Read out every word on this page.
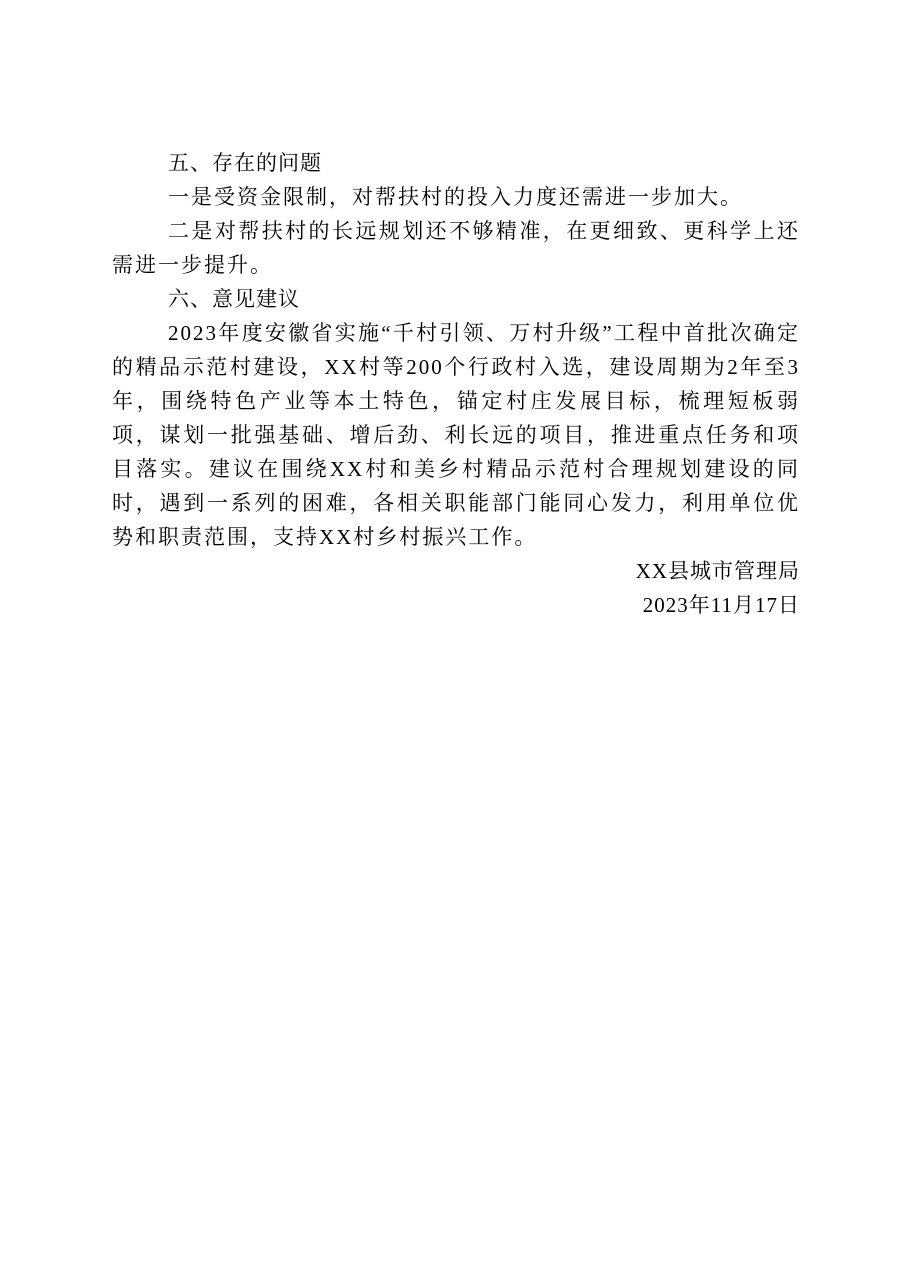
五、存在的问题

一是受资金限制，对帮扶村的投入力度还需进一步加大。

二是对帮扶村的长远规划还不够精准，在更细致、更科学上还需进一步提升。

六、意见建议

2023年度安徽省实施“千村引领、万村升级”工程中首批次确定的精品示范村建设，XX村等200个行政村入选，建设周期为2年至3年，围绕特色产业等本土特色，锚定村庄发展目标，梳理短板弱项，谋划一批强基础、增后劲、利长远的项目，推进重点任务和项目落实。建议在围绕XX村和美乡村精品示范村合理规划建设的同时，遇到一系列的困难，各相关职能部门能同心发力，利用单位优势和职责范围，支持XX村乡村振兴工作。

XX县城市管理局

2023年11月17日
